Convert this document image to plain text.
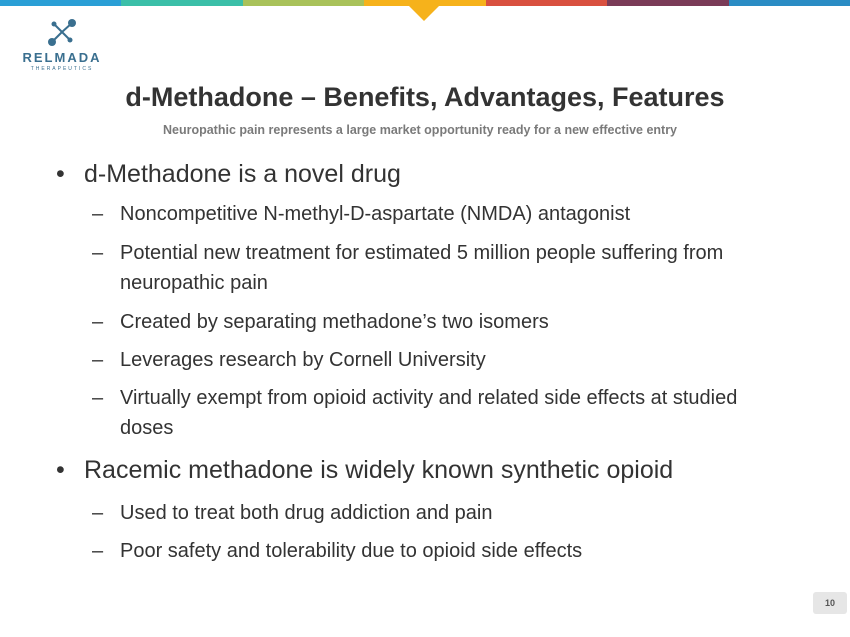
RELMADA
THERAPEUTICS
d-Methadone – Benefits, Advantages, Features
Neuropathic pain represents a large market opportunity ready for a new effective entry
• d-Methadone is a novel drug
– Noncompetitive N-methyl-D-aspartate (NMDA) antagonist
– Potential new treatment for estimated 5 million people suffering from neuropathic pain
– Created by separating methadone’s two isomers
– Leverages research by Cornell University
– Virtually exempt from opioid activity and related side effects at studied doses
• Racemic methadone is widely known synthetic opioid
– Used to treat both drug addiction and pain
– Poor safety and tolerability due to opioid side effects
10
